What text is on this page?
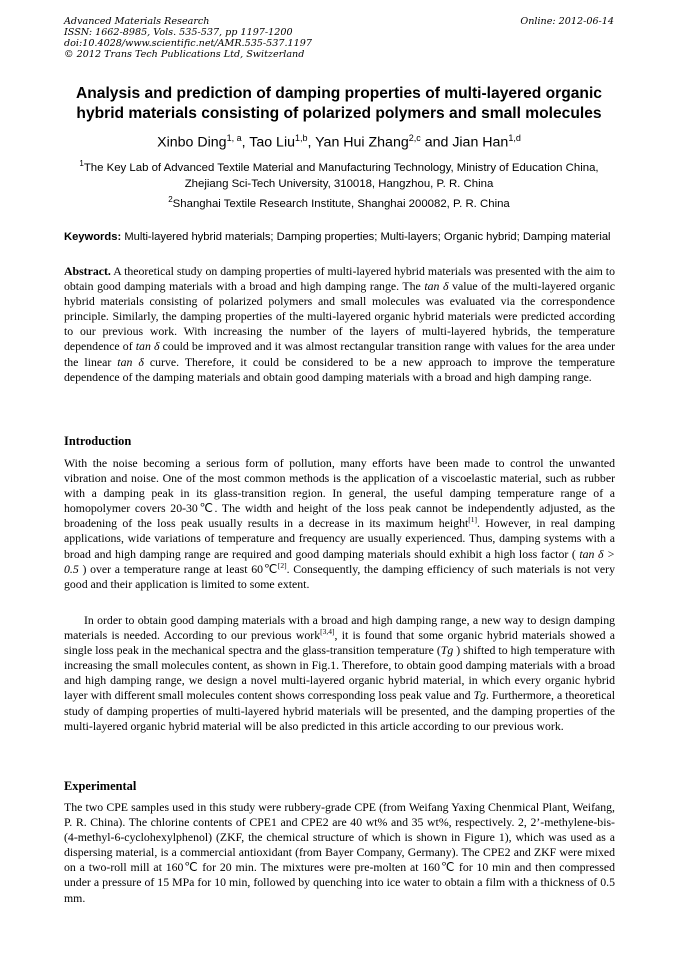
Advanced Materials Research
ISSN: 1662-8985, Vols. 535-537, pp 1197-1200
doi:10.4028/www.scientific.net/AMR.535-537.1197
© 2012 Trans Tech Publications Ltd, Switzerland
Online: 2012-06-14
Analysis and prediction of damping properties of multi-layered organic hybrid materials consisting of polarized polymers and small molecules
Xinbo Ding$^{1, a}$, Tao Liu$^{1,b}$, Yan Hui Zhang$^{2,c}$ and Jian Han$^{1,d}$
$^1$The Key Lab of Advanced Textile Material and Manufacturing Technology, Ministry of Education China, Zhejiang Sci-Tech University, 310018, Hangzhou, P. R. China
$^2$Shanghai Textile Research Institute, Shanghai 200082, P. R. China
Keywords: Multi-layered hybrid materials; Damping properties; Multi-layers; Organic hybrid; Damping material

Abstract. A theoretical study on damping properties of multi-layered hybrid materials was presented with the aim to obtain good damping materials with a broad and high damping range. The tan δ value of the multi-layered organic hybrid materials consisting of polarized polymers and small molecules was evaluated via the correspondence principle. Similarly, the damping properties of the multi-layered organic hybrid materials were predicted according to our previous work. With increasing the number of the layers of multi-layered hybrids, the temperature dependence of tan δ could be improved and it was almost rectangular transition range with values for the area under the linear tan δ curve. Therefore, it could be considered to be a new approach to improve the temperature dependence of the damping materials and obtain good damping materials with a broad and high damping range.

Introduction

With the noise becoming a serious form of pollution, many efforts have been made to control the unwanted vibration and noise. One of the most common methods is the application of a viscoelastic material, such as rubber with a damping peak in its glass-transition region. In general, the useful damping temperature range of a homopolymer covers 20-30℃. The width and height of the loss peak cannot be independently adjusted, as the broadening of the loss peak usually results in a decrease in its maximum height[1]. However, in real damping applications, wide variations of temperature and frequency are usually experienced. Thus, damping systems with a broad and high damping range are required and good damping materials should exhibit a high loss factor ( tan δ > 0.5 ) over a temperature range at least 60℃[2]. Consequently, the damping efficiency of such materials is not very good and their application is limited to some extent.

In order to obtain good damping materials with a broad and high damping range, a new way to design damping materials is needed. According to our previous work[3,4], it is found that some organic hybrid materials showed a single loss peak in the mechanical spectra and the glass-transition temperature (Tg ) shifted to high temperature with increasing the small molecules content, as shown in Fig.1. Therefore, to obtain good damping materials with a broad and high damping range, we design a novel multi-layered organic hybrid material, in which every organic hybrid layer with different small molecules content shows corresponding loss peak value and Tg. Furthermore, a theoretical study of damping properties of multi-layered hybrid materials will be presented, and the damping properties of the multi-layered organic hybrid material will be also predicted in this article according to our previous work.

Experimental

The two CPE samples used in this study were rubbery-grade CPE (from Weifang Yaxing Chenmical Plant, Weifang, P. R. China). The chlorine contents of CPE1 and CPE2 are 40 wt% and 35 wt%, respectively. 2, 2’-methylene-bis-(4-methyl-6-cyclohexylphenol) (ZKF, the chemical structure of which is shown in Figure 1), which was used as a dispersing material, is a commercial antioxidant (from Bayer Company, Germany). The CPE2 and ZKF were mixed on a two-roll mill at 160℃ for 20 min. The mixtures were pre-molten at 160℃ for 10 min and then compressed under a pressure of 15 MPa for 10 min, followed by quenching into ice water to obtain a film with a thickness of 0.5 mm.
